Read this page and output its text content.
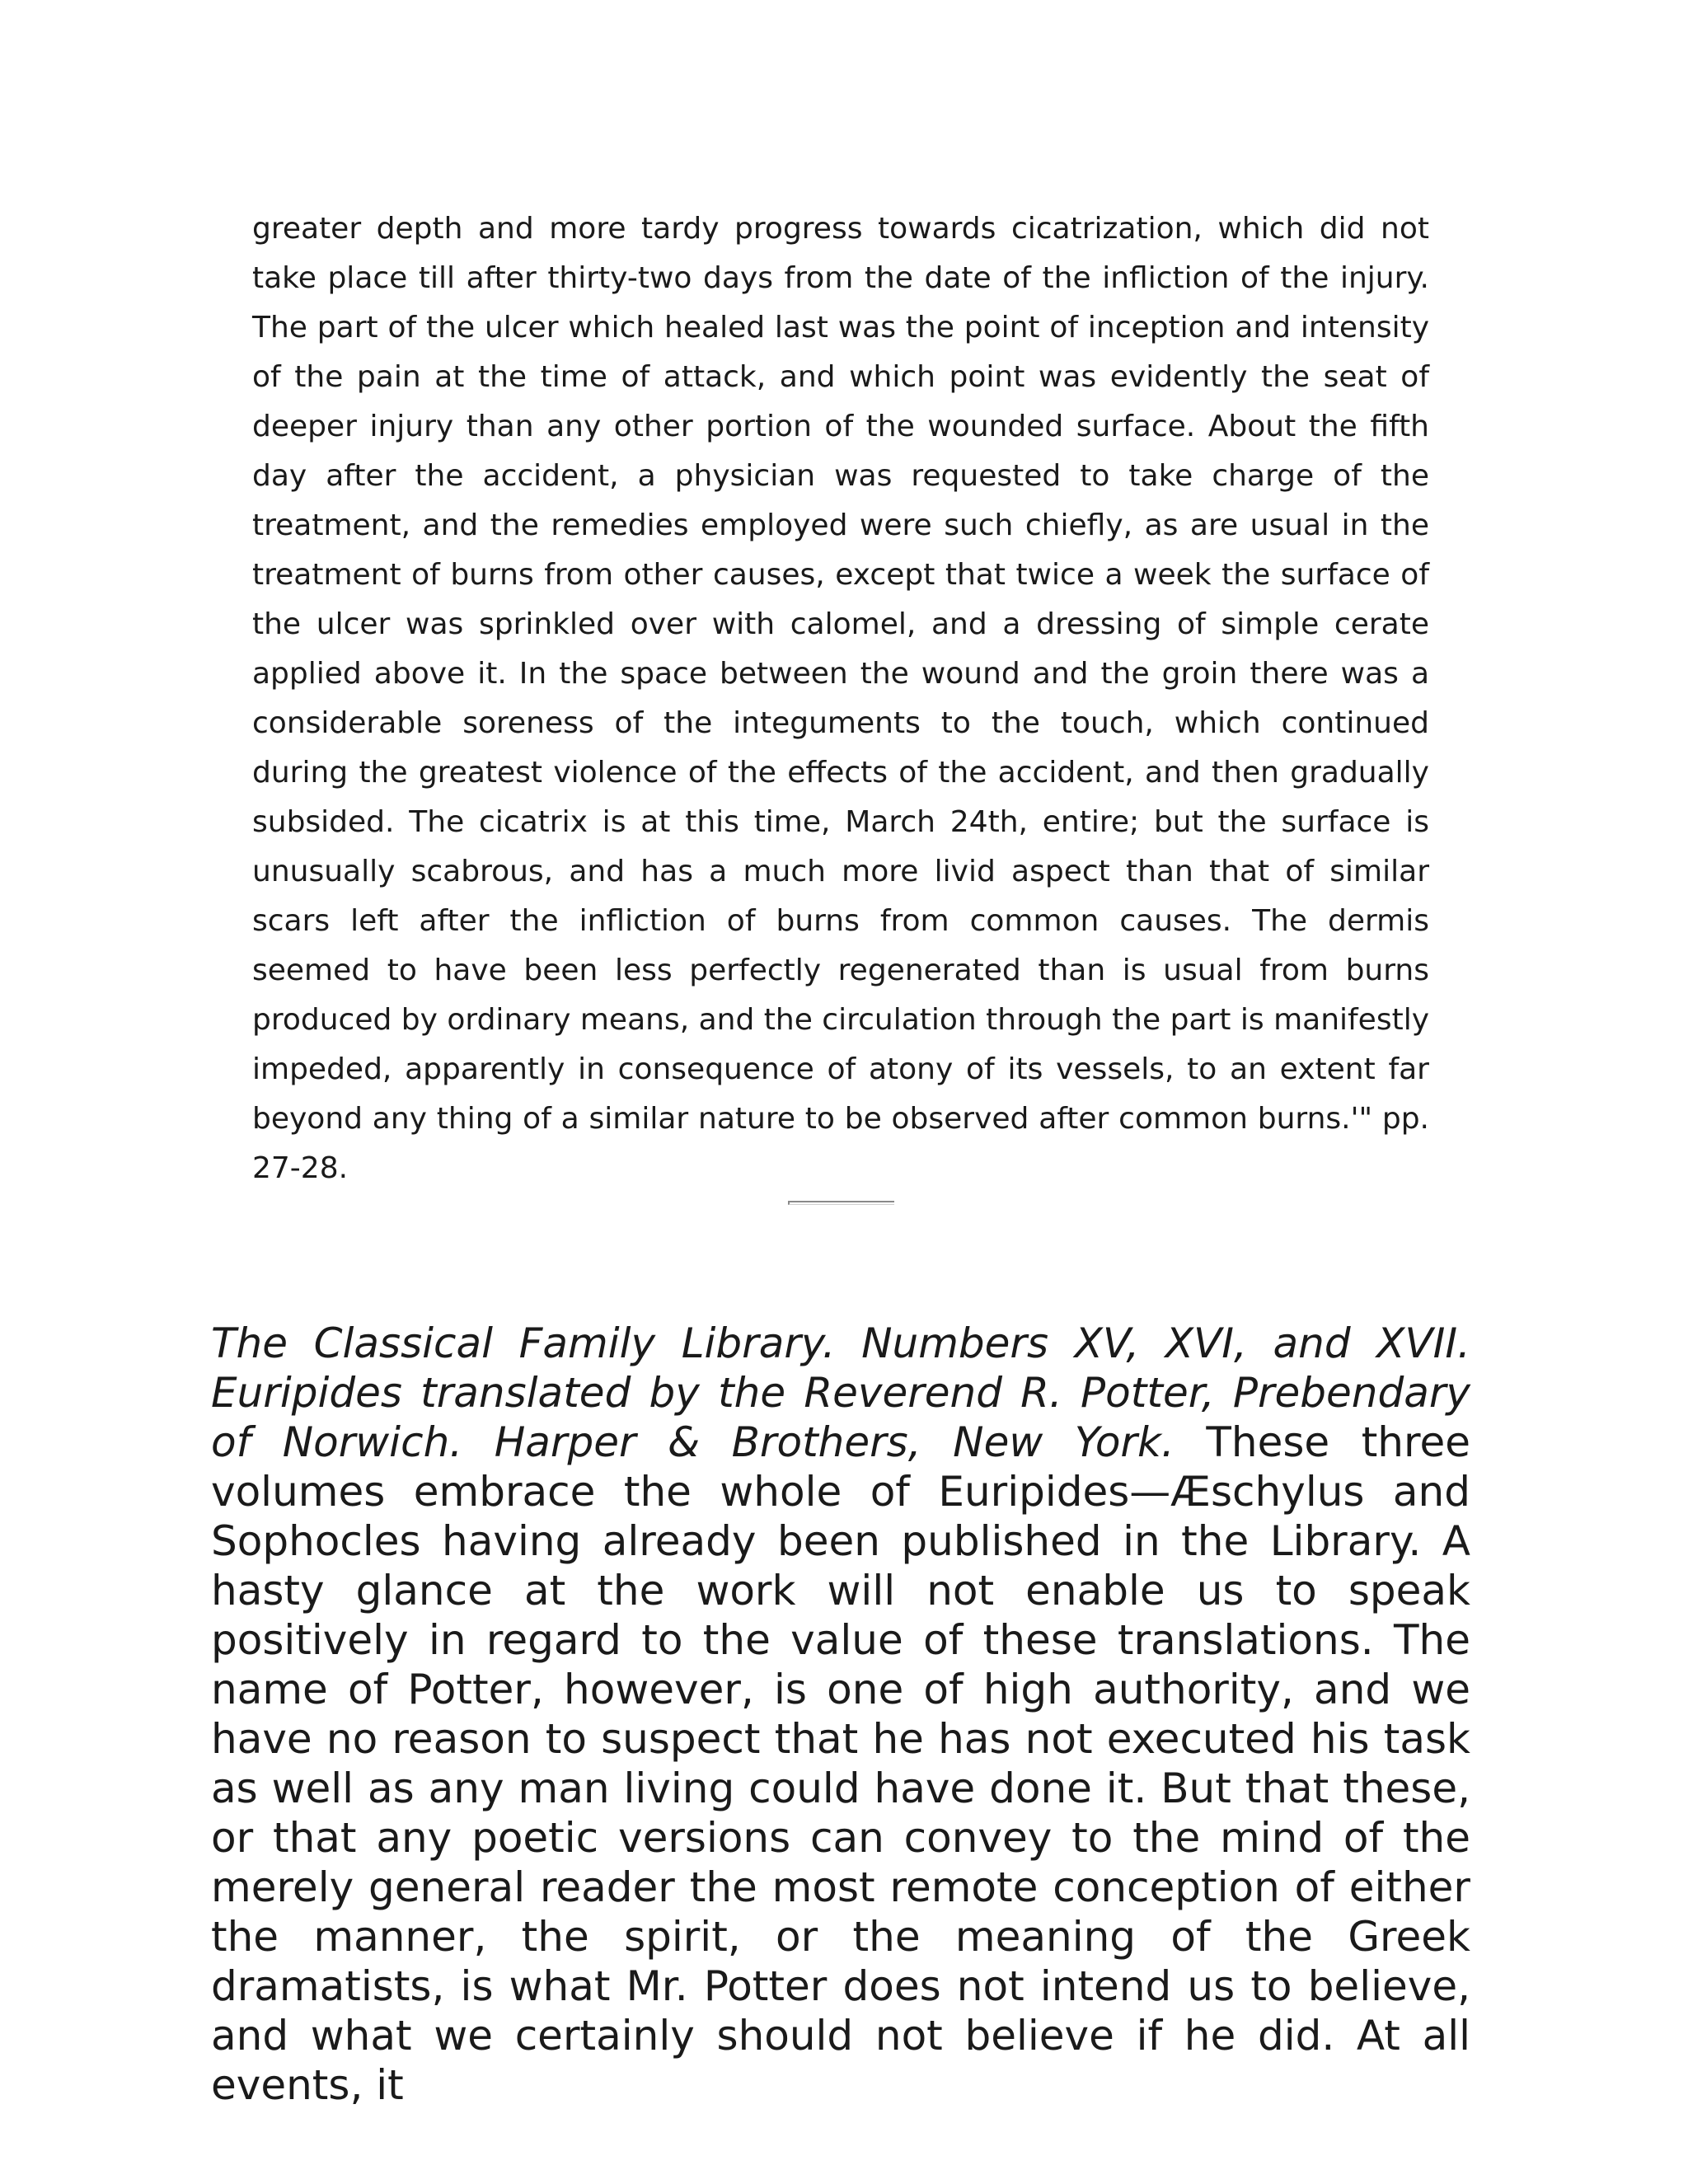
greater depth and more tardy progress towards cicatrization, which did not take place till after thirty-two days from the date of the infliction of the injury. The part of the ulcer which healed last was the point of inception and intensity of the pain at the time of attack, and which point was evidently the seat of deeper injury than any other portion of the wounded surface. About the fifth day after the accident, a physician was requested to take charge of the treatment, and the remedies employed were such chiefly, as are usual in the treatment of burns from other causes, except that twice a week the surface of the ulcer was sprinkled over with calomel, and a dressing of simple cerate applied above it. In the space between the wound and the groin there was a considerable soreness of the integuments to the touch, which continued during the greatest violence of the effects of the accident, and then gradually subsided. The cicatrix is at this time, March 24th, entire; but the surface is unusually scabrous, and has a much more livid aspect than that of similar scars left after the infliction of burns from common causes. The dermis seemed to have been less perfectly regenerated than is usual from burns produced by ordinary means, and the circulation through the part is manifestly impeded, apparently in consequence of atony of its vessels, to an extent far beyond any thing of a similar nature to be observed after common burns.'" pp. 27-28.

The Classical Family Library. Numbers XV, XVI, and XVII. Euripides translated by the Reverend R. Potter, Prebendary of Norwich. Harper & Brothers, New York. These three volumes embrace the whole of Euripides—Æschylus and Sophocles having already been published in the Library. A hasty glance at the work will not enable us to speak positively in regard to the value of these translations. The name of Potter, however, is one of high authority, and we have no reason to suspect that he has not executed his task as well as any man living could have done it. But that these, or that any poetic versions can convey to the mind of the merely general reader the most remote conception of either the manner, the spirit, or the meaning of the Greek dramatists, is what Mr. Potter does not intend us to believe, and what we certainly should not believe if he did. At all events, it
